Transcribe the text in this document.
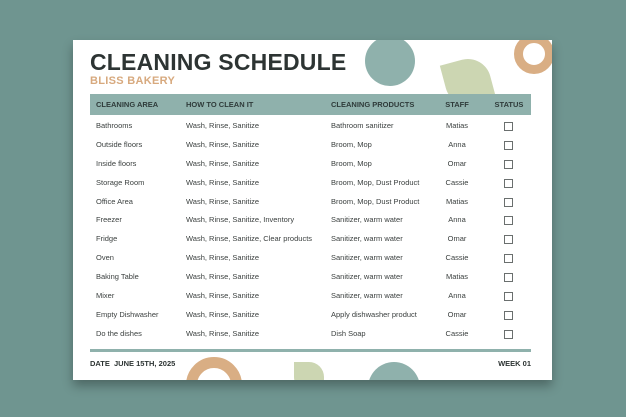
CLEANING SCHEDULE
BLISS BAKERY
CLEANING AREA	HOW TO CLEAN IT	CLEANING PRODUCTS	STAFF	STATUS
Bathrooms	Wash, Rinse, Sanitize	Bathroom sanitizer	Matias
Outside floors	Wash, Rinse, Sanitize	Broom, Mop	Anna
Inside floors	Wash, Rinse, Sanitize	Broom, Mop	Omar
Storage Room	Wash, Rinse, Sanitize	Broom, Mop, Dust Product	Cassie
Office Area	Wash, Rinse, Sanitize	Broom, Mop, Dust Product	Matias
Freezer	Wash, Rinse, Sanitize, Inventory	Sanitizer, warm water	Anna
Fridge	Wash, Rinse, Sanitize, Clear products	Sanitizer, warm water	Omar
Oven	Wash, Rinse, Sanitize	Sanitizer, warm water	Cassie
Baking Table	Wash, Rinse, Sanitize	Sanitizer, warm water	Matias
Mixer	Wash, Rinse, Sanitize	Sanitizer, warm water	Anna
Empty Dishwasher	Wash, Rinse, Sanitize	Apply dishwasher product	Omar
Do the dishes	Wash, Rinse, Sanitize	Dish Soap	Cassie
DATE JUNE 15TH, 2025	WEEK 01
